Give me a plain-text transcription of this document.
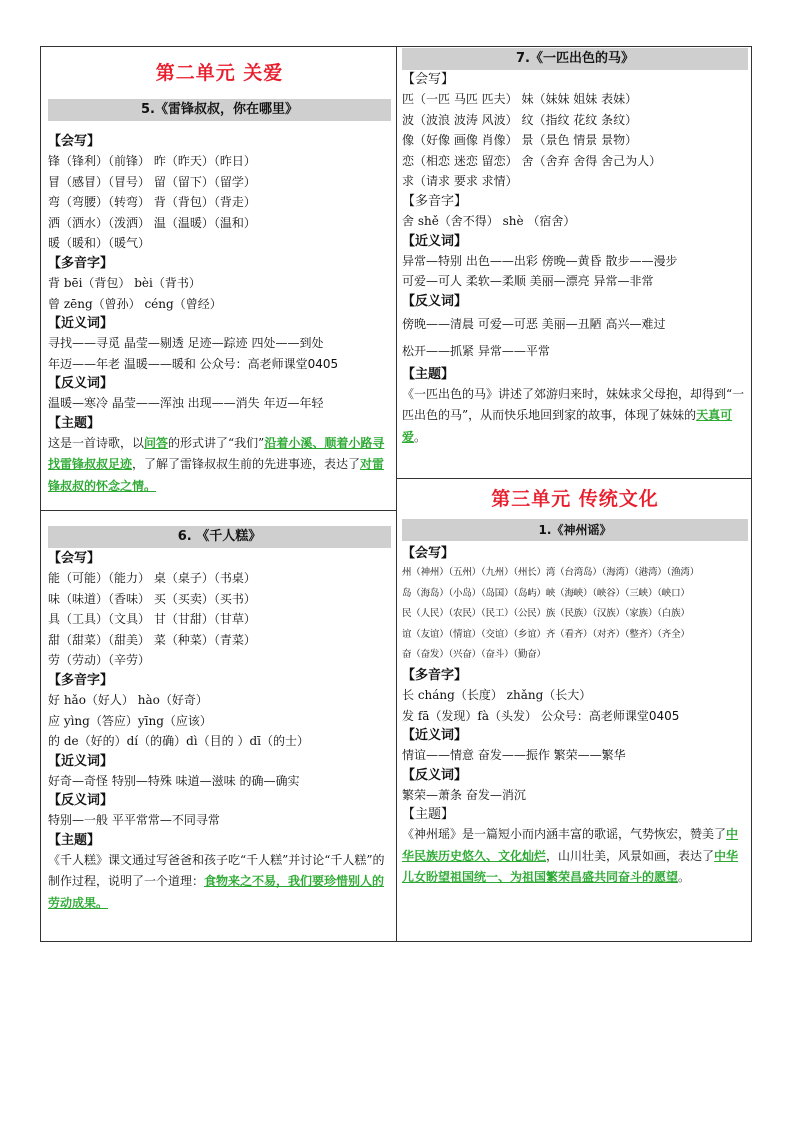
第二单元 关爱
5.《雷锋叔叔，你在哪里》
【会写】
锋（锋利）（前锋） 昨（昨天）（昨日）
冒（感冒）（冒号） 留（留下）（留学）
弯（弯腰）（转弯） 背（背包）（背走）
洒（洒水）（泼洒） 温（温暖）（温和）
暖（暖和）（暖气）
【多音字】
背 bēi（背包） bèi（背书）
曾 zēng（曾孙） céng（曾经）
【近义词】
寻找——寻觅 晶莹—剔透 足迹—踪迹 四处——到处
年迈——年老 温暖——暖和 公众号：高老师课堂0405
【反义词】
温暖—寒冷 晶莹——浑浊 出现——消失 年迈—年轻
【主题】
这是一首诗歌，以问答的形式讲了“我们”沿着小溪、顺着小路寻找雷锋叔叔足迹，了解了雷锋叔叔生前的先进事迹，表达了对雷锋叔叔的怀念之情。
6. 《千人糕》
【会写】
能（可能）（能力） 桌（桌子）（书桌）
味（味道）（香味） 买（买卖）（买书）
具（工具）（文具） 甘（甘甜）（甘草）
甜（甜菜）（甜美） 菜（种菜）（青菜）
劳（劳动）（辛劳）
【多音字】
好 hǎo（好人） hào（好奇）
应 yìng（答应）yīng（应该）
的 de（好的）dí（的确）dì（目的 ）dī（的士）
【近义词】
好奇—奇怪 特别—特殊 味道—滋味 的确—确实
【反义词】
特别—一般 平平常常—不同寻常
【主题】
《千人糕》课文通过写爸爸和孩子吃“千人糕”并讨论“千人糕”的制作过程，说明了一个道理：食物来之不易，我们要珍惜别人的劳动成果。
7.《一匹出色的马》
【会写】
匹（一匹 马匹 匹夫） 妹（妹妹 姐妹 表妹）
波（波浪 波涛 风波） 纹（指纹 花纹 条纹）
像（好像 画像 肖像） 景（景色 情景 景物）
恋（相恋 迷恋 留恋） 舍（舍弃 舍得 舍己为人）
求（请求 要求 求情）
【多音字】
舍 shě（舍不得） shè （宿舍）
【近义词】
异常—特别 出色——出彩 傍晚—黄昏 散步——漫步
可爱—可人 柔软—柔顺 美丽—漂亮 异常—非常
【反义词】
傍晚——清晨 可爱—可恶 美丽—丑陋 高兴—难过
松开——抓紧 异常——平常
【主题】
《一匹出色的马》讲述了郊游归来时，妹妹求父母抱，却得到“一匹出色的马”，从而快乐地回到家的故事，体现了妹妹的天真可爱。
第三单元 传统文化
1.《神州谣》
【会写】
州（神州）（五州）（九州）（州长）湾（台湾岛）（海湾）（港湾）（渔湾）
岛（海岛）（小岛）（岛国）（岛屿）峡（海峡）（峡谷）（三峡）（峡口）
民（人民）（农民）（民工）（公民）族（民族）（汉族）（家族）（白族）
谊（友谊）（情谊）（交谊）（乡谊）齐（看齐）（对齐）（整齐）（齐全）
奋（奋发）（兴奋）（奋斗）（勤奋）
【多音字】
长 cháng（长度） zhǎng（长大）
发 fā（发现）fà（头发） 公众号：高老师课堂0405
【近义词】
情谊——情意 奋发——振作 繁荣——繁华
【反义词】
繁荣—萧条 奋发—消沉
【主题】
《神州瑶》是一篇短小而内涵丰富的歌谣，气势恢宏，赞美了中华民族历史悠久、文化灿烂，山川壮美，风景如画，表达了中华儿女盼望祖国统一、为祖国繁荣昌盛共同奋斗的愿望。
